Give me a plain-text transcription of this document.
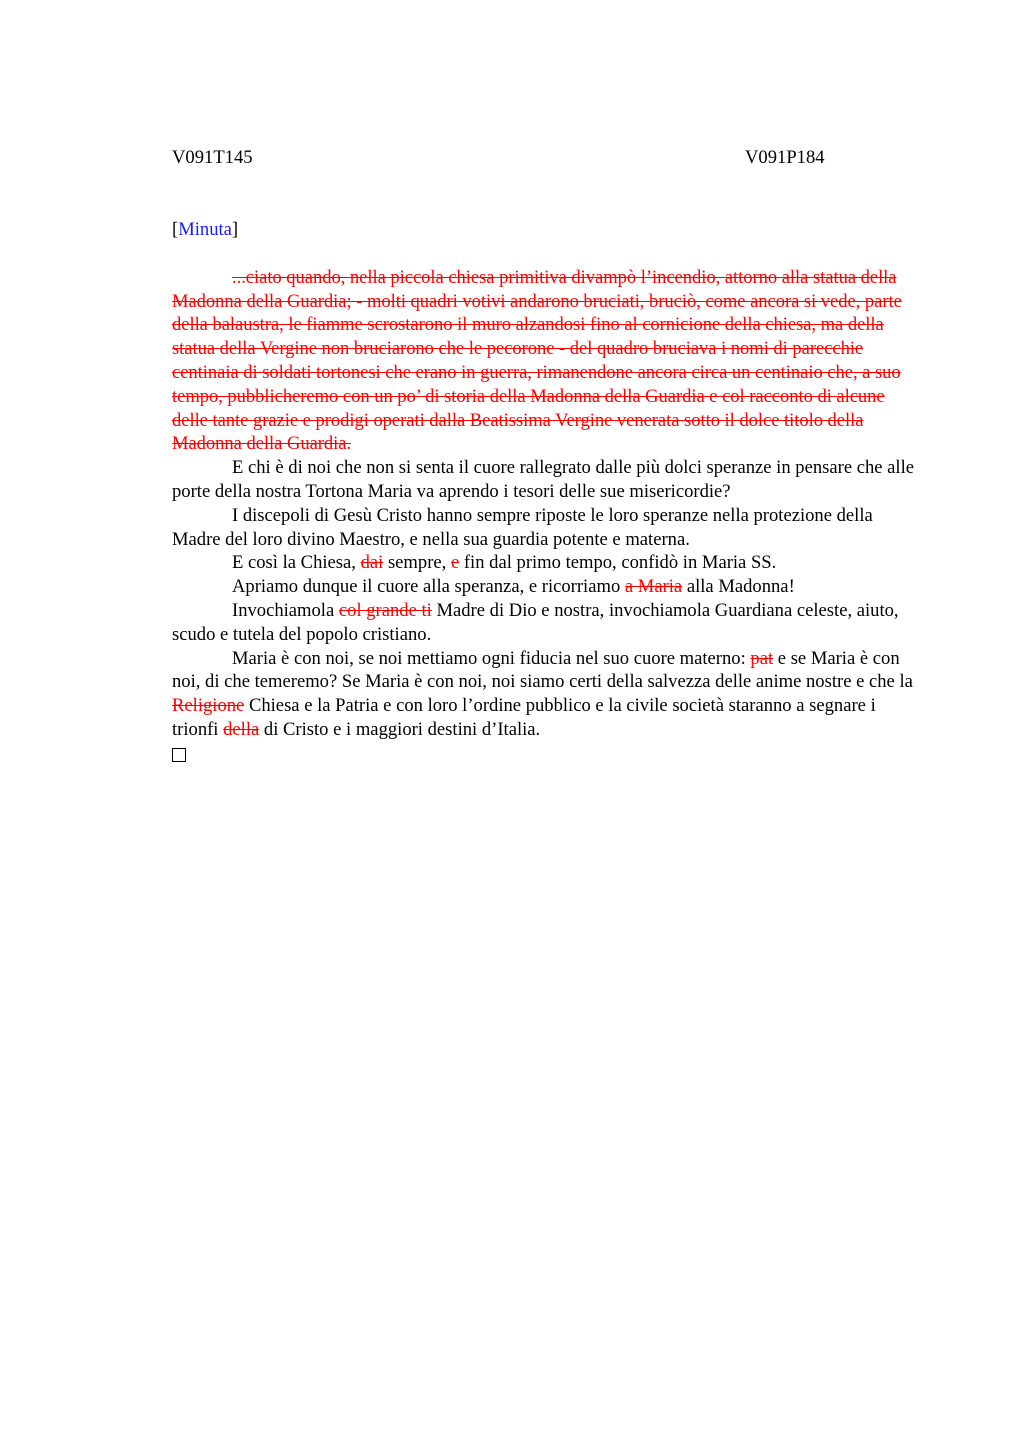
V091T145	V091P184
[Minuta]

...ciato quando, nella piccola chiesa primitiva divampò l’incendio, attorno alla statua della Madonna della Guardia; - molti quadri votivi andarono bruciati, bruciò, come ancora si vede, parte della balaustra, le fiamme scrostarono il muro alzandosi fino al cornicione della chiesa, ma della statua della Vergine non bruciarono che le pecorone - del quadro bruciava i nomi di parecchie centinaia di soldati tortonesi che erano in guerra, rimanendone ancora circa un centinaio che, a suo tempo, pubblicheremo con un po’ di storia della Madonna della Guardia e col racconto di alcune delle tante grazie e prodigi operati dalla Beatissima Vergine venerata sotto il dolce titolo della Madonna della Guardia.

E chi è di noi che non si senta il cuore rallegrato dalle più dolci speranze in pensare che alle porte della nostra Tortona Maria va aprendo i tesori delle sue misericordie?

I discepoli di Gesù Cristo hanno sempre riposte le loro speranze nella protezione della Madre del loro divino Maestro, e nella sua guardia potente e materna.

E così la Chiesa, dai sempre, e fin dal primo tempo, confidò in Maria SS.

Apriamo dunque il cuore alla speranza, e ricorriamo a Maria alla Madonna!

Invochiamola col grande ti Madre di Dio e nostra, invochiamola Guardiana celeste, aiuto, scudo e tutela del popolo cristiano.

Maria è con noi, se noi mettiamo ogni fiducia nel suo cuore materno: pat e se Maria è con noi, di che temeremo? Se Maria è con noi, noi siamo certi della salvezza delle anime nostre e che la Religione Chiesa e la Patria e con loro l’ordine pubblico e la civile società staranno a segnare i trionfi della di Cristo e i maggiori destini d’Italia.
